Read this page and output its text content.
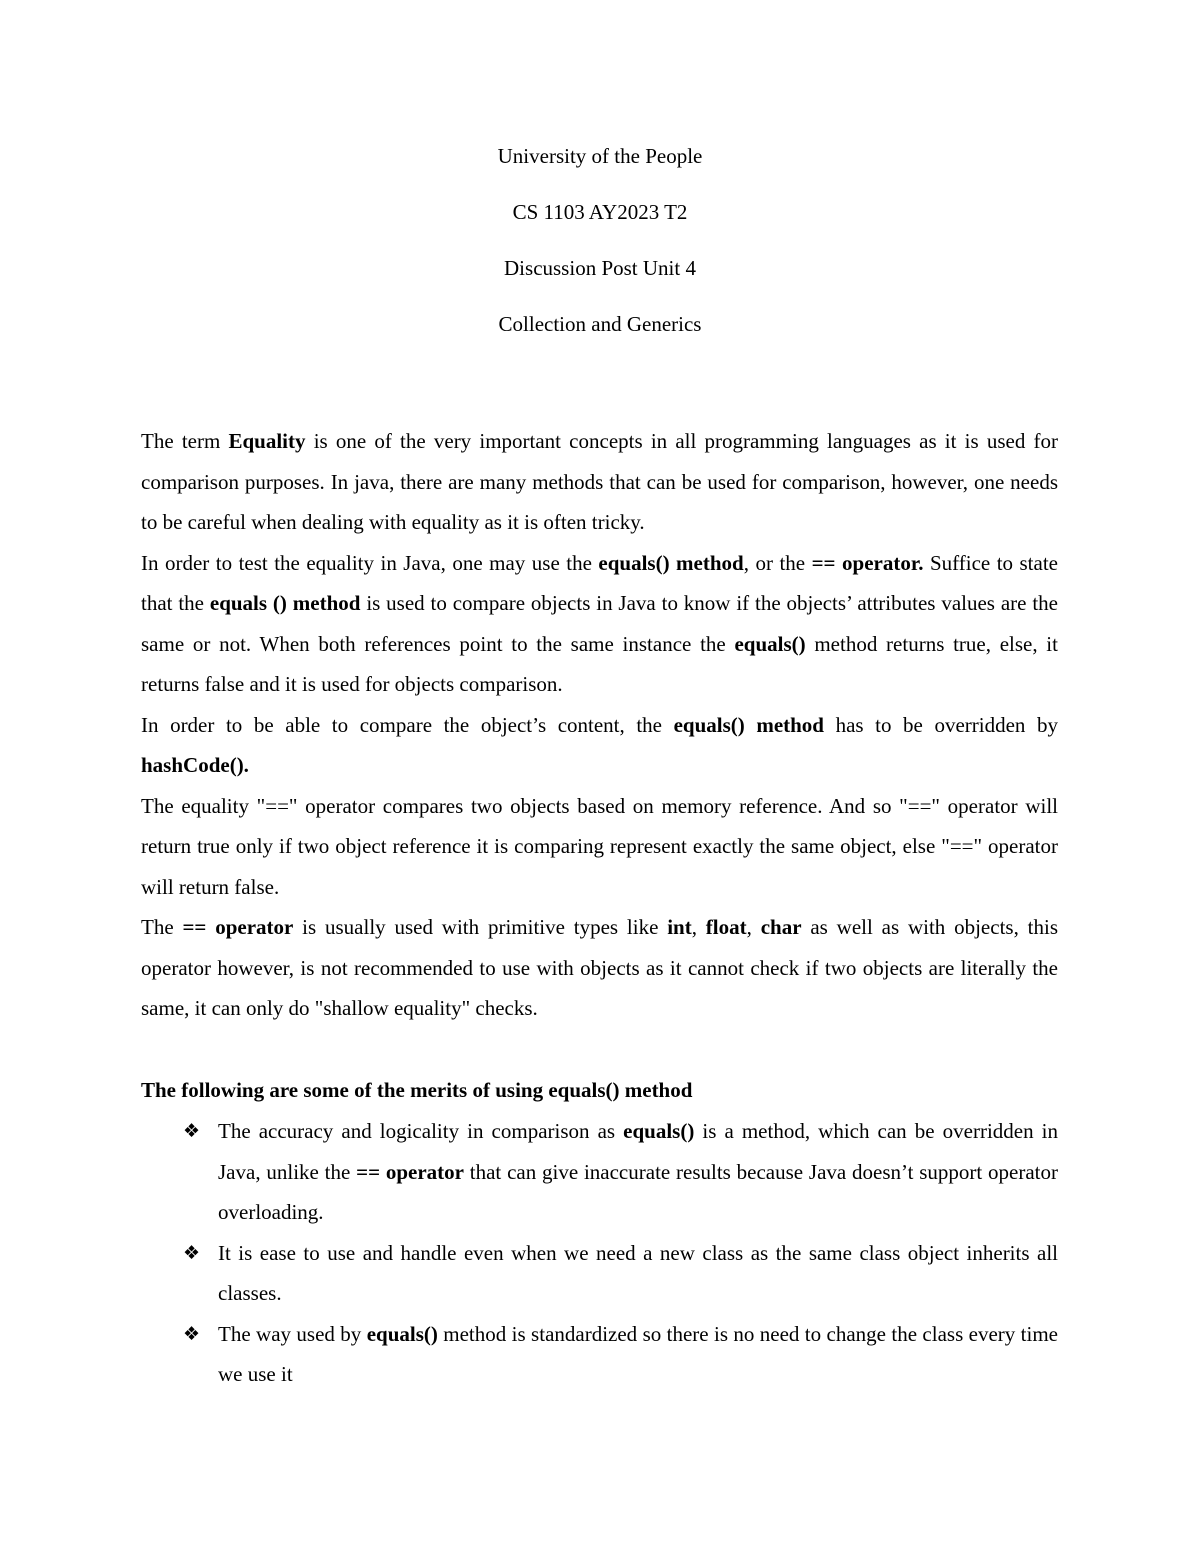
University of the People

CS 1103 AY2023 T2

Discussion Post Unit 4

Collection and Generics

The term Equality is one of the very important concepts in all programming languages as it is used for comparison purposes. In java, there are many methods that can be used for comparison, however, one needs to be careful when dealing with equality as it is often tricky.

In order to test the equality in Java, one may use the equals() method, or the == operator. Suffice to state that the equals () method is used to compare objects in Java to know if the objects’ attributes values are the same or not. When both references point to the same instance the equals() method returns true, else, it returns false and it is used for objects comparison.

In order to be able to compare the object’s content, the equals() method has to be overridden by hashCode().

The equality "==" operator compares two objects based on memory reference. And so "==" operator will return true only if two object reference it is comparing represent exactly the same object, else "==" operator will return false.

The == operator is usually used with primitive types like int, float, char as well as with objects, this operator however, is not recommended to use with objects as it cannot check if two objects are literally the same, it can only do "shallow equality" checks.

The following are some of the merits of using equals() method

❖ The accuracy and logicality in comparison as equals() is a method, which can be overridden in Java, unlike the == operator that can give inaccurate results because Java doesn’t support operator overloading.
❖ It is ease to use and handle even when we need a new class as the same class object inherits all classes.
❖ The way used by equals() method is standardized so there is no need to change the class every time we use it
